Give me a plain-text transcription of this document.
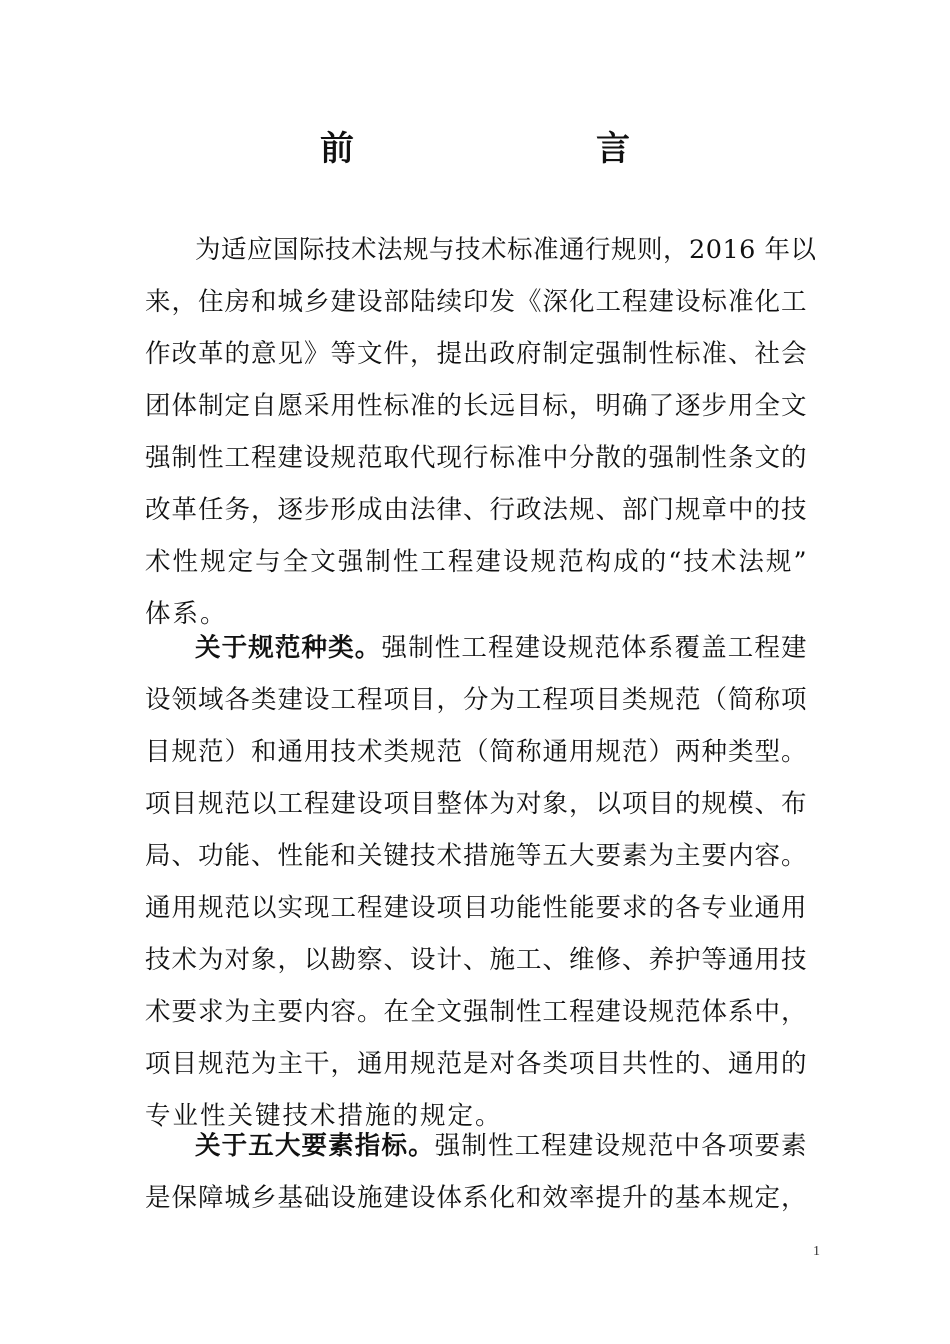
前　　言
为适应国际技术法规与技术标准通行规则，2016 年以
来，住房和城乡建设部陆续印发《深化工程建设标准化工
作改革的意见》等文件，提出政府制定强制性标准、社会
团体制定自愿采用性标准的长远目标，明确了逐步用全文
强制性工程建设规范取代现行标准中分散的强制性条文的
改革任务，逐步形成由法律、行政法规、部门规章中的技
术性规定与全文强制性工程建设规范构成的“技术法规”
体系。
关于规范种类。强制性工程建设规范体系覆盖工程建
设领域各类建设工程项目，分为工程项目类规范（简称项
目规范）和通用技术类规范（简称通用规范）两种类型。
项目规范以工程建设项目整体为对象，以项目的规模、布
局、功能、性能和关键技术措施等五大要素为主要内容。
通用规范以实现工程建设项目功能性能要求的各专业通用
技术为对象，以勘察、设计、施工、维修、养护等通用技
术要求为主要内容。在全文强制性工程建设规范体系中，
项目规范为主干，通用规范是对各类项目共性的、通用的
专业性关键技术措施的规定。
关于五大要素指标。强制性工程建设规范中各项要素
是保障城乡基础设施建设体系化和效率提升的基本规定，
1
